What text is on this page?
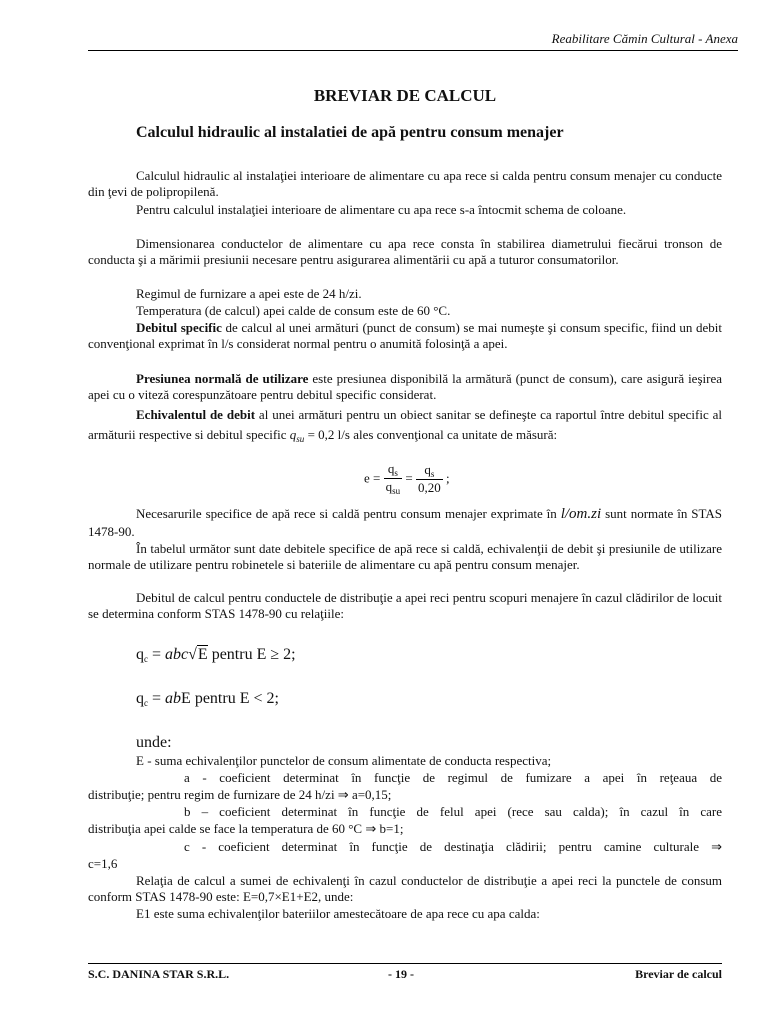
Reabilitare Cămin Cultural - Anexa
BREVIAR DE CALCUL
Calculul hidraulic al instalatiei de apă pentru consum menajer
Calculul hidraulic al instalaţiei interioare de alimentare cu apa rece si calda pentru consum menajer cu conducte din ţevi de polipropilenă.
Pentru calculul instalaţiei interioare de alimentare cu apa rece s-a întocmit schema de coloane.
Dimensionarea conductelor de alimentare cu apa rece consta în stabilirea diametrului fiecărui tronson de conducta şi a mărimii presiunii necesare pentru asigurarea alimentării cu apă a tuturor consumatorilor.
Regimul de furnizare a apei este de 24 h/zi.
Temperatura (de calcul) apei calde de consum este de 60 °C.
Debitul specific de calcul al unei armături (punct de consum) se mai numeşte şi consum specific, fiind un debit convenţional exprimat în l/s considerat normal pentru o anumită folosinţă a apei.
Presiunea normală de utilizare este presiunea disponibilă la armătură (punct de consum), care asigură ieşirea apei cu o viteză corespunzătoare pentru debitul specific considerat.
Echivalentul de debit al unei armături pentru un obiect sanitar se defineşte ca raportul între debitul specific al armăturii respective si debitul specific $q_{su} = 0,2$ l/s ales convenţional ca unitate de măsură:
$e = \frac{q_s}{q_{su}} = \frac{q_s}{0,20}$ ;
Necesarurile specifice de apă rece si caldă pentru consum menajer exprimate în l/om.zi sunt normate în STAS 1478-90.
În tabelul următor sunt date debitele specifice de apă rece si caldă, echivalenţii de debit şi presiunile de utilizare normale de utilizare pentru robinetele si bateriile de alimentare cu apă pentru consum menajer.
Debitul de calcul pentru conductele de distribuţie a apei reci pentru scopuri menajere în cazul clădirilor de locuit se determina conform STAS 1478-90 cu relaţiile:
$q_c = abc√E$ pentru E ≥ 2;
$q_c$ = abE pentru E < 2;
unde:
E - suma echivalenţilor punctelor de consum alimentate de conducta respectiva;
a - coeficient determinat în funcţie de regimul de fumizare a apei în reţeaua de
distribuţie; pentru regim de furnizare de 24 h/zi ⇒ a=0,15;
b – coeficient determinat în funcţie de felul apei (rece sau calda); în cazul în care
distribuţia apei calde se face la temperatura de 60 °C ⇒ b=1;
c - coeficient determinat în funcţie de destinaţia clădirii; pentru camine culturale ⇒
c=1,6
Relaţia de calcul a sumei de echivalenţi în cazul conductelor de distribuţie a apei reci la punctele de consum conform STAS 1478-90 este: E=0,7×E1+E2, unde:
E1 este suma echivalenţilor bateriilor amestecătoare de apa rece cu apa calda:
S.C. DANINA STAR S.R.L.	- 19 -	Breviar de calcul
